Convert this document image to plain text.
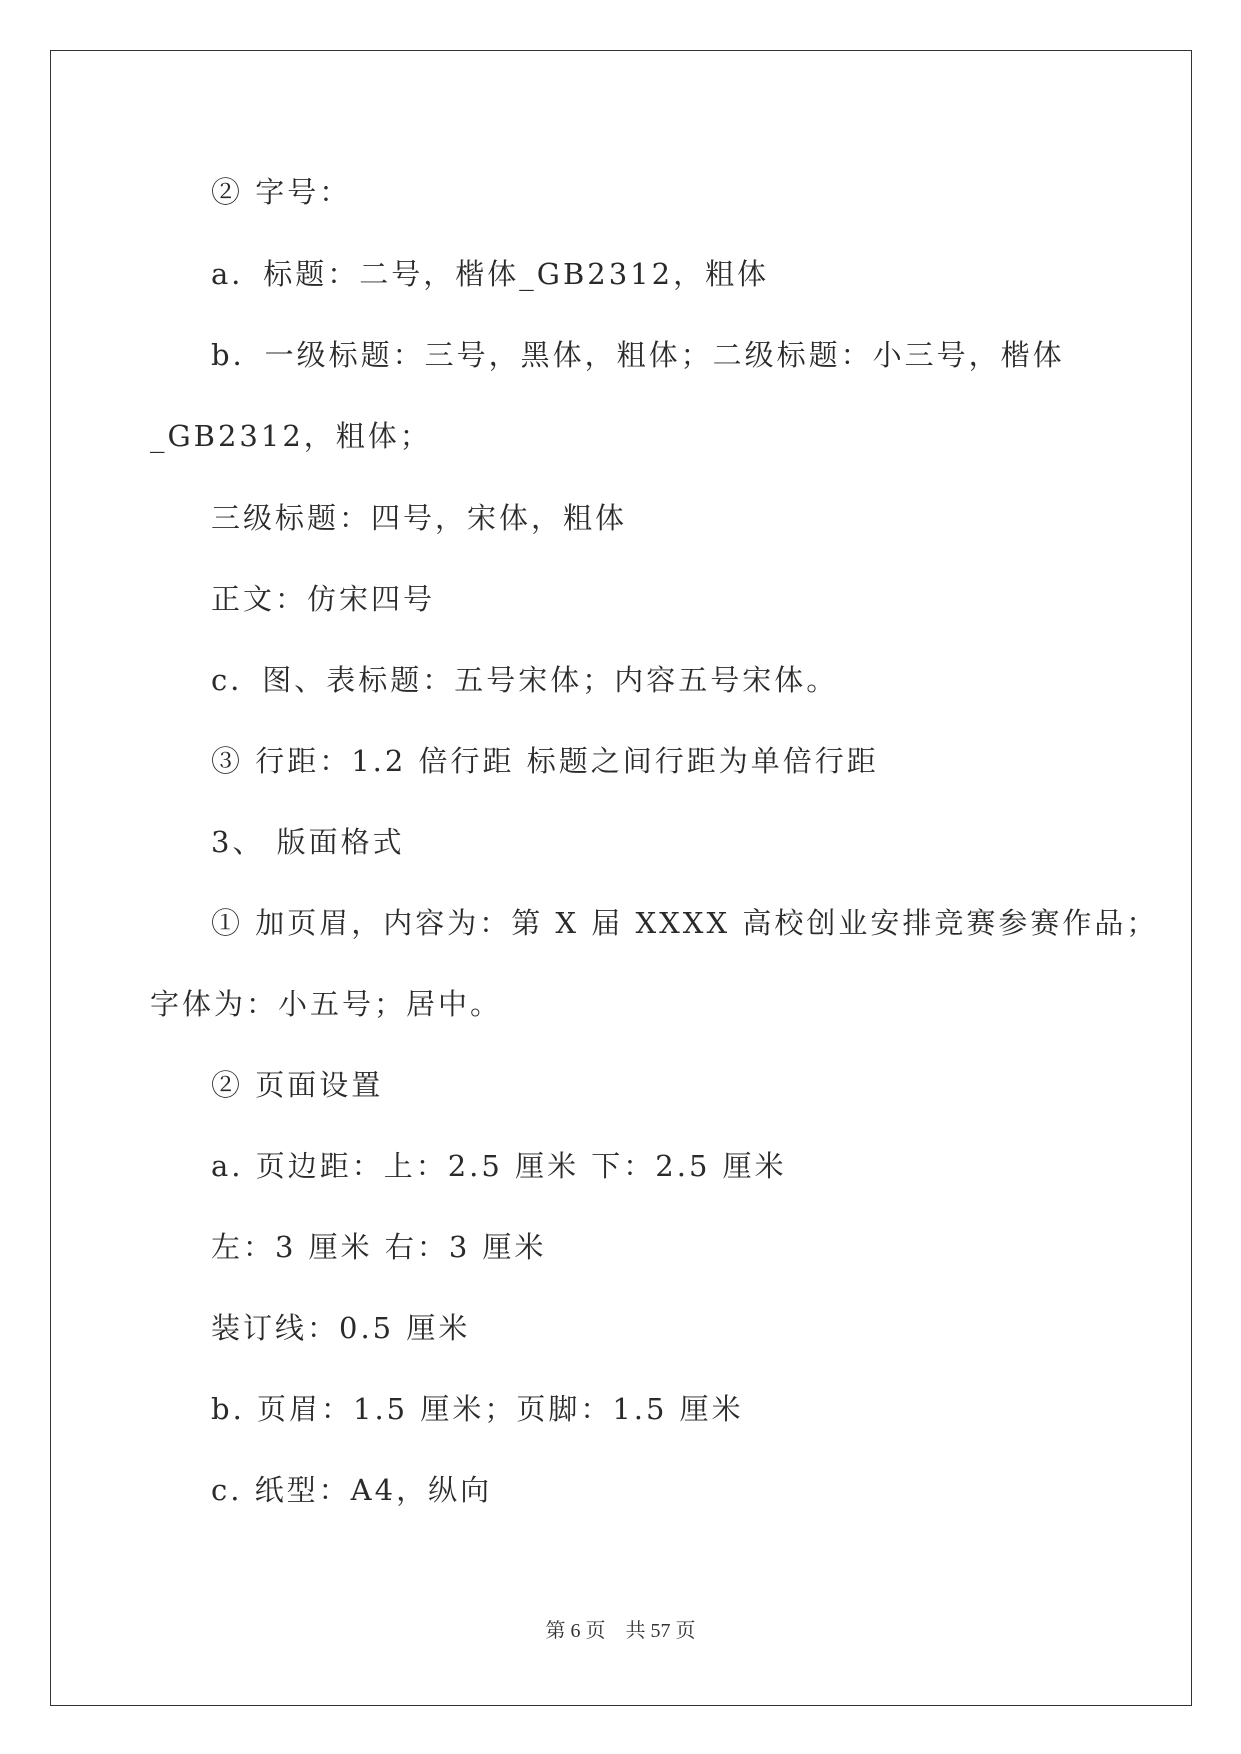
② 字号：
a．标题：二号，楷体_GB2312，粗体
b．一级标题：三号，黑体，粗体；二级标题：小三号，楷体
_GB2312，粗体；
三级标题：四号，宋体，粗体
正文：仿宋四号
c．图、表标题：五号宋体；内容五号宋体。
③ 行距：1.2 倍行距 标题之间行距为单倍行距
3、 版面格式
① 加页眉，内容为：第 X 届 XXXX 高校创业安排竞赛参赛作品；
字体为：小五号；居中。
② 页面设置
a. 页边距：上：2.5 厘米 下：2.5 厘米
左：3 厘米 右：3 厘米
装订线：0.5 厘米
b. 页眉：1.5 厘米；页脚：1.5 厘米
c. 纸型：A4，纵向
第 6 页　共 57 页
